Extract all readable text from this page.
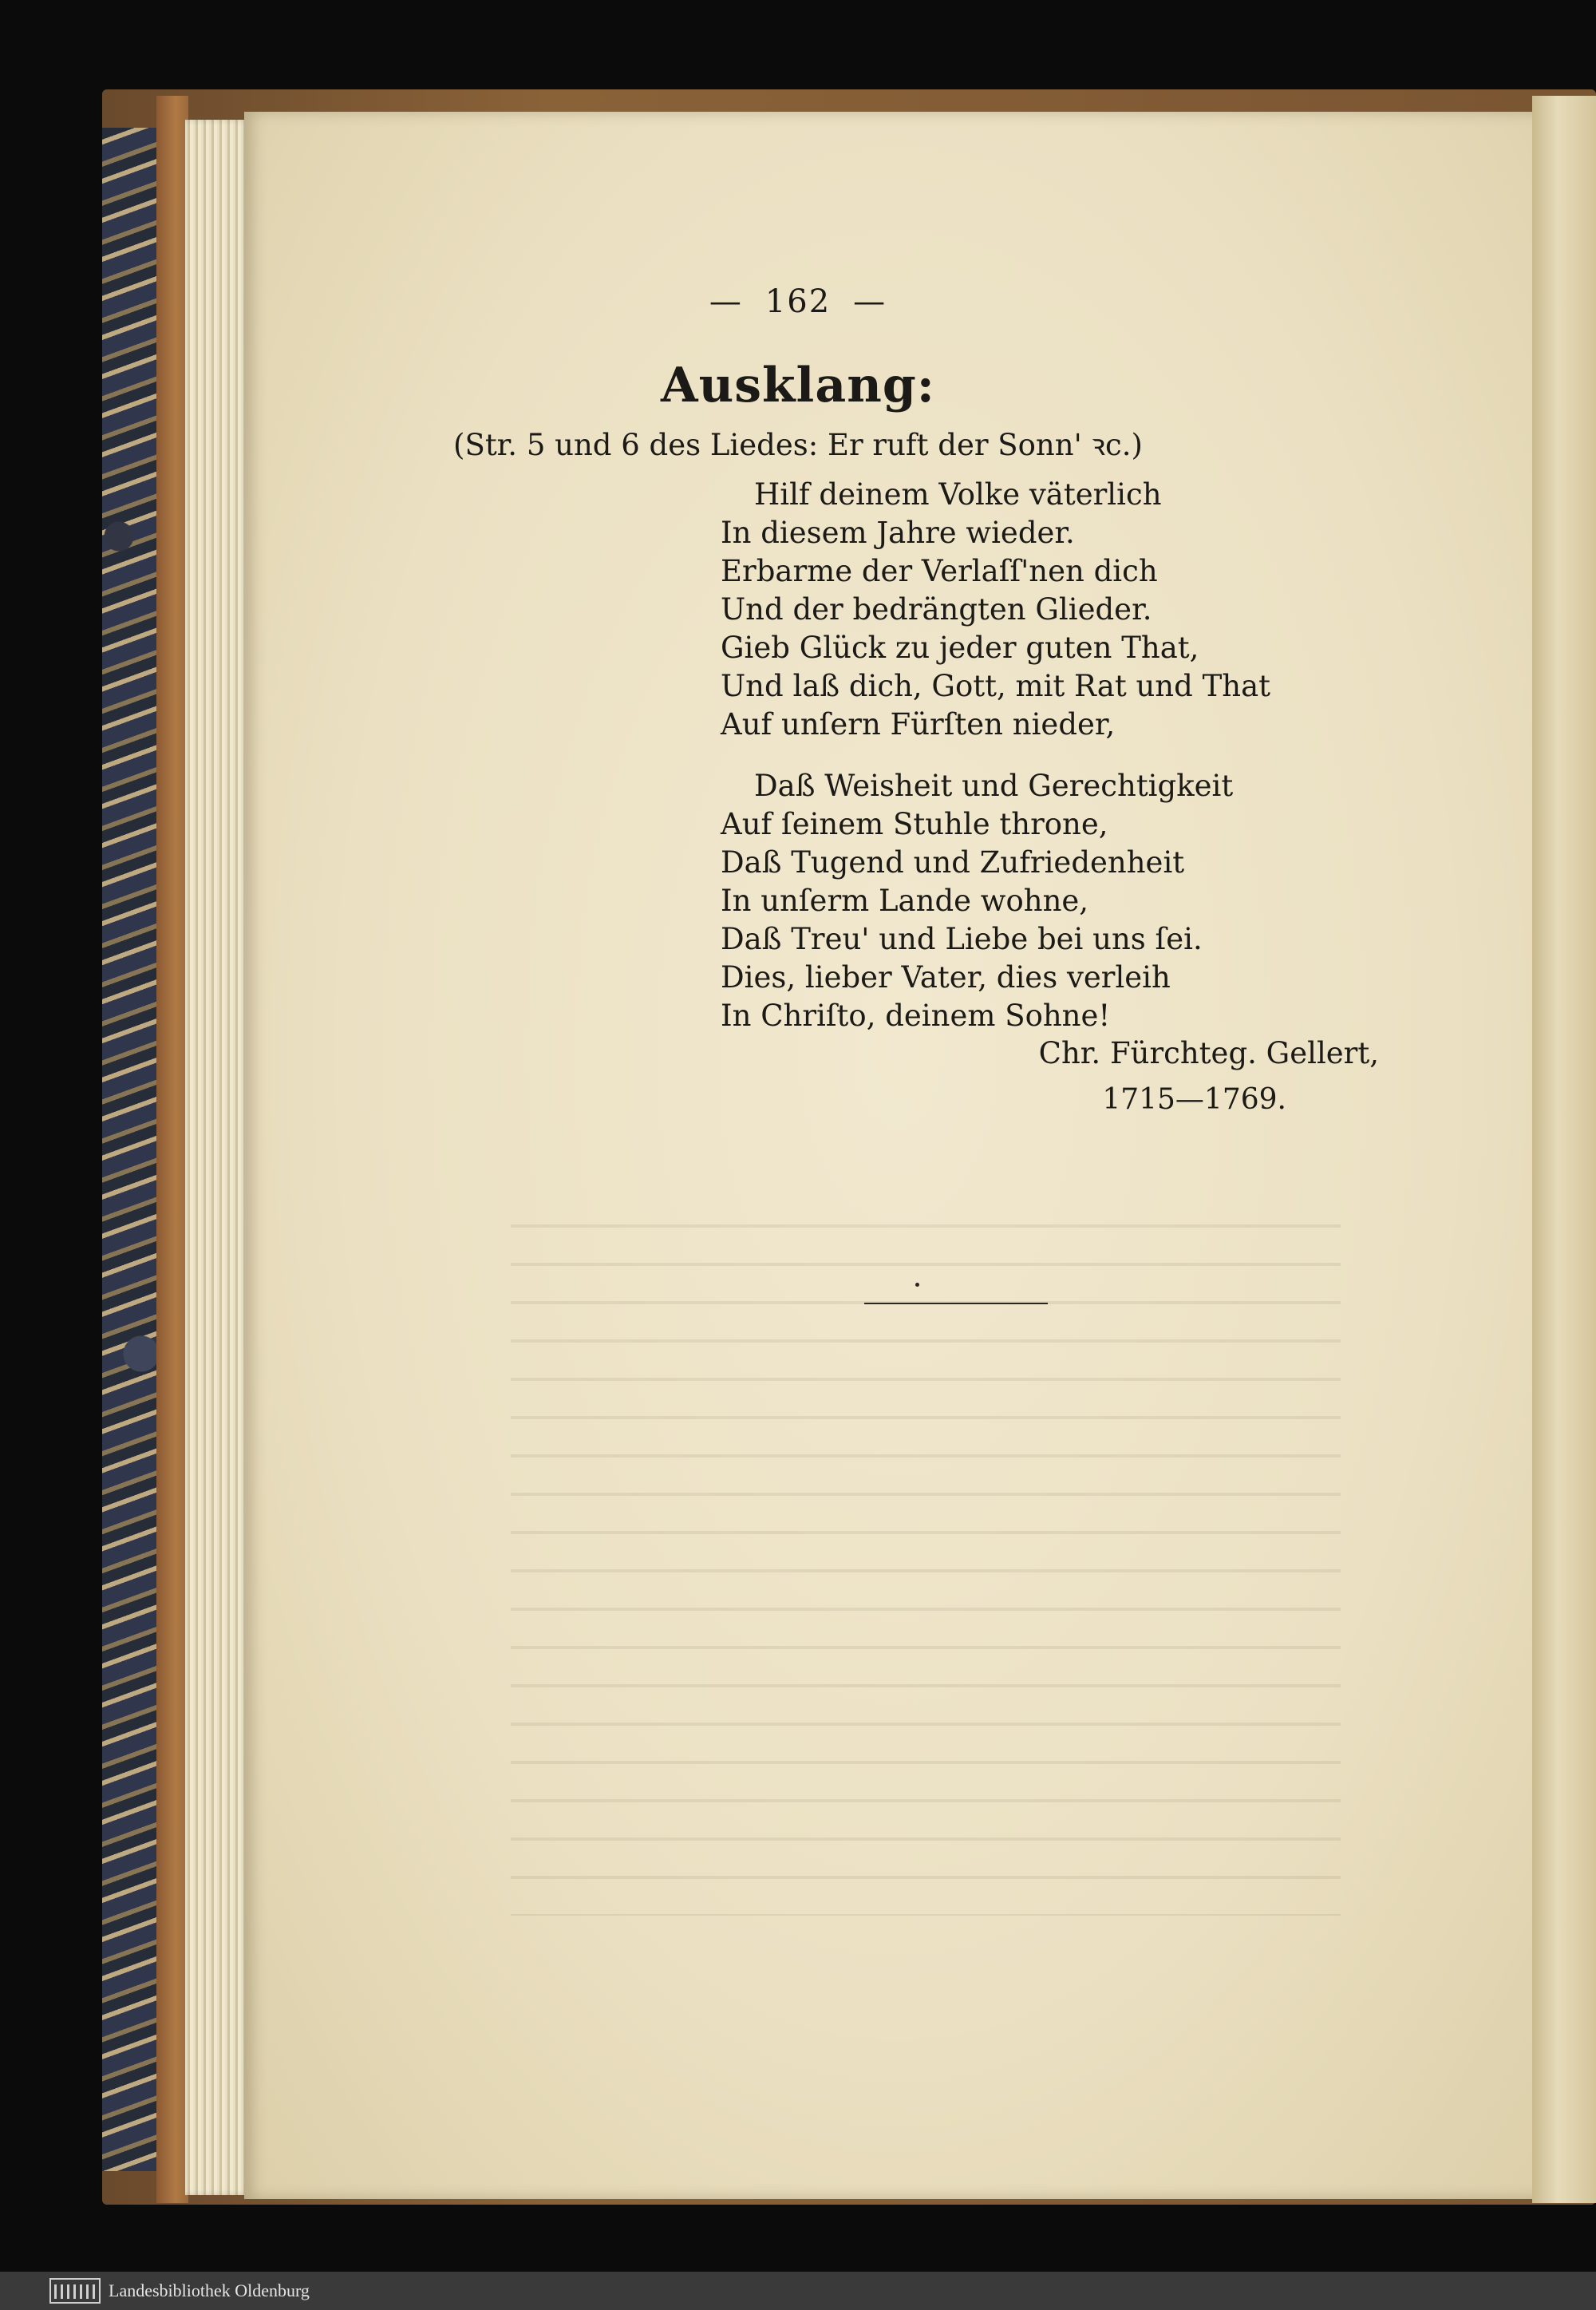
— 162 —
Ausklang:
(Str. 5 und 6 des Liedes: Er ruft der Sonn' ꝛc.)
Hilf deinem Volke väterlich
In diesem Jahre wieder.
Erbarme der Verlaſſ'nen dich
Und der bedrängten Glieder.
Gieb Glück zu jeder guten That,
Und laß dich, Gott, mit Rat und That
Auf unſern Fürſten nieder,
Daß Weisheit und Gerechtigkeit
Auf ſeinem Stuhle throne,
Daß Tugend und Zufriedenheit
In unſerm Lande wohne,
Daß Treu' und Liebe bei uns ſei.
Dies, lieber Vater, dies verleih
In Chriſto, deinem Sohne!
Chr. Fürchteg. Gellert,
1715—1769.
Landesbibliothek Oldenburg
